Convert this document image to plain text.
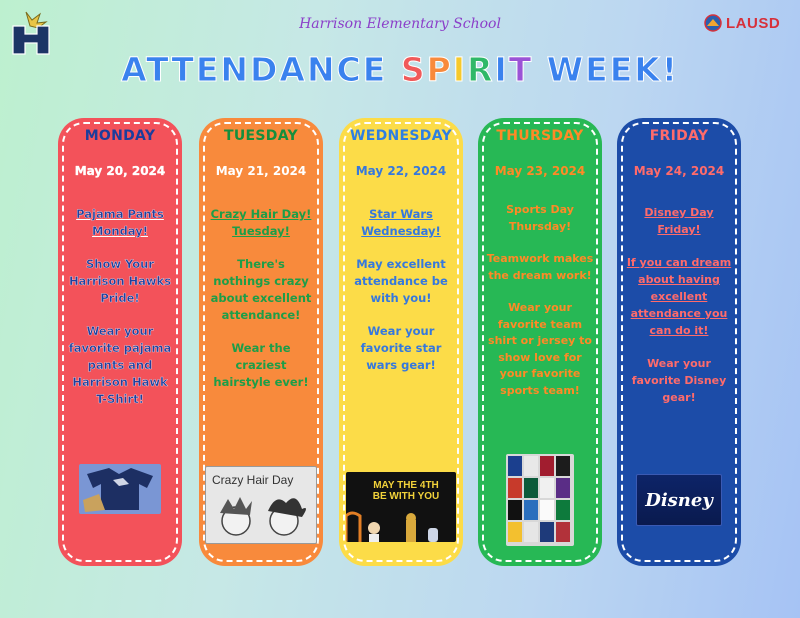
LAUSD
Harrison Elementary School
ATTENDANCE SPIRIT WEEK!
MONDAY
May 20, 2024

Pajama Pants Monday!

Show Your Harrison Hawks Pride!

Wear your favorite pajama pants and Harrison Hawk T-Shirt!

TUESDAY
May 21, 2024

Crazy Hair Day! Tuesday!

There's nothings crazy about excellent attendance!

Wear the craziest hairstyle ever!

Crazy Hair Day
WEDNESDAY
May 22, 2024

Star Wars Wednesday!

May excellent attendance be with you!

Wear your favorite star wars gear!

MAY THE 4TH BE WITH YOU
THURSDAY
May 23, 2024

Sports Day Thursday!

Teamwork makes the dream work!

Wear your favorite team shirt or jersey to show love for your favorite sports team!

FRIDAY
May 24, 2024

Disney Day Friday!

If you can dream about having excellent attendance you can do it!

Wear your favorite Disney gear!

Disney
